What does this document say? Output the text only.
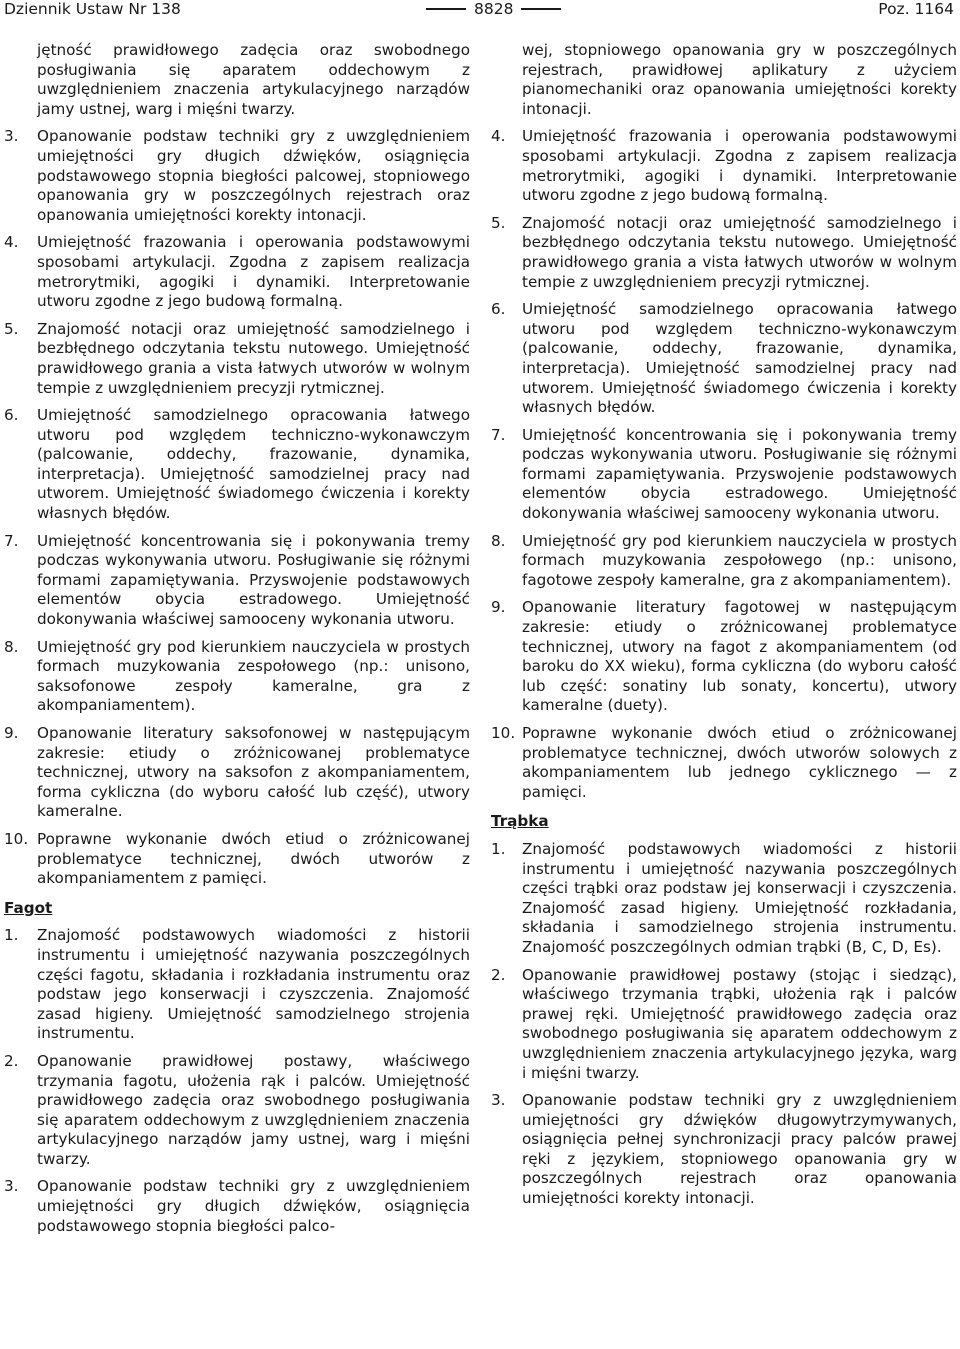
Dziennik Ustaw Nr 138	8828	Poz. 1164

jętność prawidłowego zadęcia oraz swobodnego posługiwania się aparatem oddechowym z uwzględnieniem znaczenia artykulacyjnego narządów jamy ustnej, warg i mięśni twarzy.

3.	Opanowanie podstaw techniki gry z uwzględnieniem umiejętności gry długich dźwięków, osiągnięcia podstawowego stopnia biegłości palcowej, stopniowego opanowania gry w poszczególnych rejestrach oraz opanowania umiejętności korekty intonacji.
4.	Umiejętność frazowania i operowania podstawowymi sposobami artykulacji. Zgodna z zapisem realizacja metrorytmiki, agogiki i dynamiki. Interpretowanie utworu zgodne z jego budową formalną.
5.	Znajomość notacji oraz umiejętność samodzielnego i bezbłędnego odczytania tekstu nutowego. Umiejętność prawidłowego grania a vista łatwych utworów w wolnym tempie z uwzględnieniem precyzji rytmicznej.
6.	Umiejętność samodzielnego opracowania łatwego utworu pod względem techniczno-wykonawczym (palcowanie, oddechy, frazowanie, dynamika, interpretacja). Umiejętność samodzielnej pracy nad utworem. Umiejętność świadomego ćwiczenia i korekty własnych błędów.
7.	Umiejętność koncentrowania się i pokonywania tremy podczas wykonywania utworu. Posługiwanie się różnymi formami zapamiętywania. Przyswojenie podstawowych elementów obycia estradowego. Umiejętność dokonywania właściwej samooceny wykonania utworu.
8.	Umiejętność gry pod kierunkiem nauczyciela w prostych formach muzykowania zespołowego (np.: unisono, saksofonowe zespoły kameralne, gra z akompaniamentem).
9.	Opanowanie literatury saksofonowej w następującym zakresie: etiudy o zróżnicowanej problematyce technicznej, utwory na saksofon z akompaniamentem, forma cykliczna (do wyboru całość lub część), utwory kameralne.
10. Poprawne wykonanie dwóch etiud o zróżnicowanej problematyce technicznej, dwóch utworów z akompaniamentem z pamięci.
Fagot
1.	Znajomość podstawowych wiadomości z historii instrumentu i umiejętność nazywania poszczególnych części fagotu, składania i rozkładania instrumentu oraz podstaw jego konserwacji i czyszczenia. Znajomość zasad higieny. Umiejętność samodzielnego strojenia instrumentu.
2.	Opanowanie prawidłowej postawy, właściwego trzymania fagotu, ułożenia rąk i palców. Umiejętność prawidłowego zadęcia oraz swobodnego posługiwania się aparatem oddechowym z uwzględnieniem znaczenia artykulacyjnego narządów jamy ustnej, warg i mięśni twarzy.
3.	Opanowanie podstaw techniki gry z uwzględnieniem umiejętności gry długich dźwięków, osiągnięcia podstawowego stopnia biegłości palco-

wej, stopniowego opanowania gry w poszczególnych rejestrach, prawidłowej aplikatury z użyciem pianomechaniki oraz opanowania umiejętności korekty intonacji.

4.	Umiejętność frazowania i operowania podstawowymi sposobami artykulacji. Zgodna z zapisem realizacja metrorytmiki, agogiki i dynamiki. Interpretowanie utworu zgodne z jego budową formalną.
5.	Znajomość notacji oraz umiejętność samodzielnego i bezbłędnego odczytania tekstu nutowego. Umiejętność prawidłowego grania a vista łatwych utworów w wolnym tempie z uwzględnieniem precyzji rytmicznej.
6.	Umiejętność samodzielnego opracowania łatwego utworu pod względem techniczno-wykonawczym (palcowanie, oddechy, frazowanie, dynamika, interpretacja). Umiejętność samodzielnej pracy nad utworem. Umiejętność świadomego ćwiczenia i korekty własnych błędów.
7.	Umiejętność koncentrowania się i pokonywania tremy podczas wykonywania utworu. Posługiwanie się różnymi formami zapamiętywania. Przyswojenie podstawowych elementów obycia estradowego. Umiejętność dokonywania właściwej samooceny wykonania utworu.
8.	Umiejętność gry pod kierunkiem nauczyciela w prostych formach muzykowania zespołowego (np.: unisono, fagotowe zespoły kameralne, gra z akompaniamentem).
9.	Opanowanie literatury fagotowej w następującym zakresie: etiudy o zróżnicowanej problematyce technicznej, utwory na fagot z akompaniamentem (od baroku do XX wieku), forma cykliczna (do wyboru całość lub część: sonatiny lub sonaty, koncertu), utwory kameralne (duety).
10. Poprawne wykonanie dwóch etiud o zróżnicowanej problematyce technicznej, dwóch utworów solowych z akompaniamentem lub jednego cyklicznego — z pamięci.
Trąbka
1.	Znajomość podstawowych wiadomości z historii instrumentu i umiejętność nazywania poszczególnych części trąbki oraz podstaw jej konserwacji i czyszczenia. Znajomość zasad higieny. Umiejętność rozkładania, składania i samodzielnego strojenia instrumentu. Znajomość poszczególnych odmian trąbki (B, C, D, Es).
2.	Opanowanie prawidłowej postawy (stojąc i siedząc), właściwego trzymania trąbki, ułożenia rąk i palców prawej ręki. Umiejętność prawidłowego zadęcia oraz swobodnego posługiwania się aparatem oddechowym z uwzględnieniem znaczenia artykulacyjnego języka, warg i mięśni twarzy.
3.	Opanowanie podstaw techniki gry z uwzględnieniem umiejętności gry dźwięków długowytrzymywanych, osiągnięcia pełnej synchronizacji pracy palców prawej ręki z językiem, stopniowego opanowania gry w poszczególnych rejestrach oraz opanowania umiejętności korekty intonacji.
